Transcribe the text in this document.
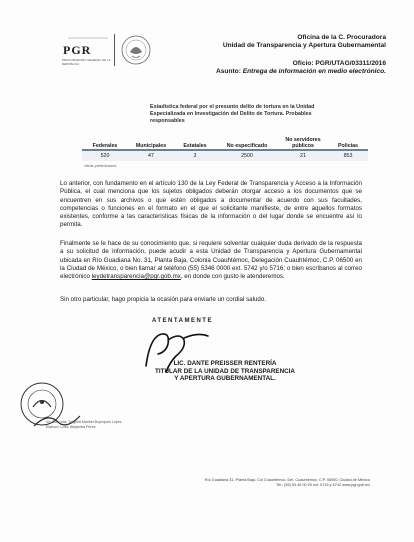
PGR
PROCURADURÍA GENERAL DE LA REPÚBLICA
Oficina de la C. Procuradora
Unidad de Transparencia y Apertura Gubernamental
Oficio: PGR/UTAG/03311/2016
Asunto: Entrega de información en medio electrónico.
Estadística federal por el presunto delito de tortura en la Unidad Especializada en Investigación del Delito de Tortura. Probables responsables
Federales	Municipales	Estatales	No especificado	No servidores públicos	Policías
520	47	3	2500	21	853
cifras preliminares
Lo anterior, con fundamento en el artículo 130 de la Ley Federal de Transparencia y Acceso a la Información Pública, el cual menciona que los sujetos obligados deberán otorgar acceso a los documentos que se encuentren en sus archivos o que estén obligados a documentar de acuerdo con sus facultades, competencias o funciones en el formato en el que el solicitante manifieste, de entre aquellos formatos existentes, conforme a las características físicas de la información o del lugar donde se encuentre así lo permita.
Finalmente se le hace de su conocimiento que, si requiere solventar cualquier duda derivado de la respuesta a su solicitud de información, puede acudir a esta Unidad de Transparencia y Apertura Gubernamental ubicada en Río Guadiana No. 31, Planta Baja, Colonia Cuauhtémoc, Delegación Cuauhtémoc, C.P. 06500 en la Ciudad de México, o bien llamar al teléfono (55) 5346 0000 ext. 5742 y/o 5716; o bien escríbanos al correo electrónico leydetransparencia@pgr.gob.mx, en donde con gusto le atenderemos.
Sin otro particular, hago propicia la ocasión para enviarle un cordial saludo.
ATENTAMENTE
LIC. DANTE PREISSER RENTERÍA
TITULAR DE LA UNIDAD DE TRANSPARENCIA
Y APERTURA GUBERNAMENTAL.
Vo. Bo. Lcda. Targelia Maribel Bojorques López
Elaboró: Lcda. Alejandra Pérez
Río Guadiana 31, Planta Baja, Col Cuauhtémoc, Del. Cuauhtémoc, C.P. 06500, Ciudad de México
Tel.: (55) 53 46 00 00 ext. 5716 y 5742 www.pgr.gob.mx
